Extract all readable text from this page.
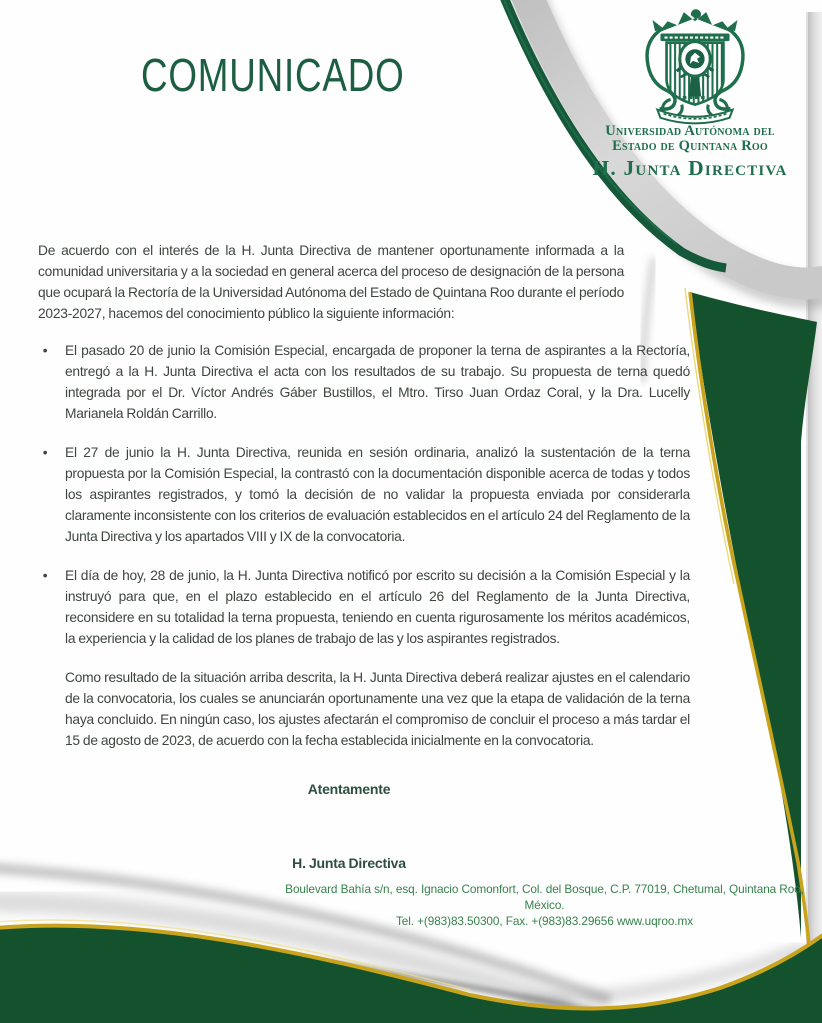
COMUNICADO
Universidad Autónoma del
Estado de Quintana Roo
H. Junta Directiva

De acuerdo con el interés de la H. Junta Directiva de mantener oportunamente informada a la comunidad universitaria y a la sociedad en general acerca del proceso de designación de la persona que ocupará la Rectoría de la Universidad Autónoma del Estado de Quintana Roo durante el período 2023-2027, hacemos del conocimiento público la siguiente información:

•	El pasado 20 de junio la Comisión Especial, encargada de proponer la terna de aspirantes a la Rectoría, entregó a la H. Junta Directiva el acta con los resultados de su trabajo. Su propuesta de terna quedó integrada por el Dr. Víctor Andrés Gáber Bustillos, el Mtro. Tirso Juan Ordaz Coral, y la Dra. Lucelly Marianela Roldán Carrillo.
•	El 27 de junio la H. Junta Directiva, reunida en sesión ordinaria, analizó la sustentación de la terna propuesta por la Comisión Especial, la contrastó con la documentación disponible acerca de todas y todos los aspirantes registrados, y tomó la decisión de no validar la propuesta enviada por considerarla claramente inconsistente con los criterios de evaluación establecidos en el artículo 24 del Reglamento de la Junta Directiva y los apartados VIII y IX de la convocatoria.
•	El día de hoy, 28 de junio, la H. Junta Directiva notificó por escrito su decisión a la Comisión Especial y la instruyó para que, en el plazo establecido en el artículo 26 del Reglamento de la Junta Directiva, reconsidere en su totalidad la terna propuesta, teniendo en cuenta rigurosamente los méritos académicos, la experiencia y la calidad de los planes de trabajo de las y los aspirantes registrados.

Como resultado de la situación arriba descrita, la H. Junta Directiva deberá realizar ajustes en el calendario de la convocatoria, los cuales se anunciarán oportunamente una vez que la etapa de validación de la terna haya concluido. En ningún caso, los ajustes afectarán el compromiso de concluir el proceso a más tardar el 15 de agosto de 2023, de acuerdo con la fecha establecida inicialmente en la convocatoria.

Atentamente
H. Junta Directiva
Boulevard Bahía s/n, esq. Ignacio Comonfort, Col. del Bosque, C.P. 77019, Chetumal, Quintana Roo, México.
Tel. +(983)83.50300, Fax. +(983)83.29656 www.uqroo.mx
